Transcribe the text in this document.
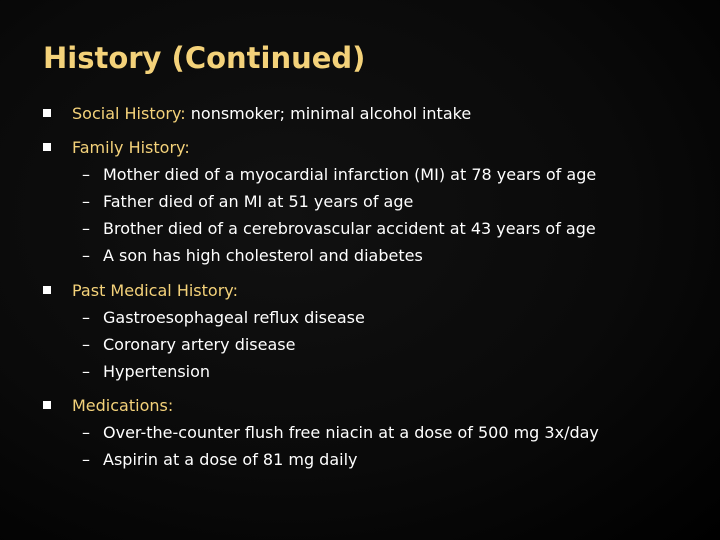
History (Continued)
Social History: nonsmoker; minimal alcohol intake
Family History:
– Mother died of a myocardial infarction (MI) at 78 years of age
– Father died of an MI at 51 years of age
– Brother died of a cerebrovascular accident at 43 years of age
– A son has high cholesterol and diabetes
Past Medical History:
– Gastroesophageal reflux disease
– Coronary artery disease
– Hypertension
Medications:
– Over-the-counter flush free niacin at a dose of 500 mg 3x/day
– Aspirin at a dose of 81 mg daily
